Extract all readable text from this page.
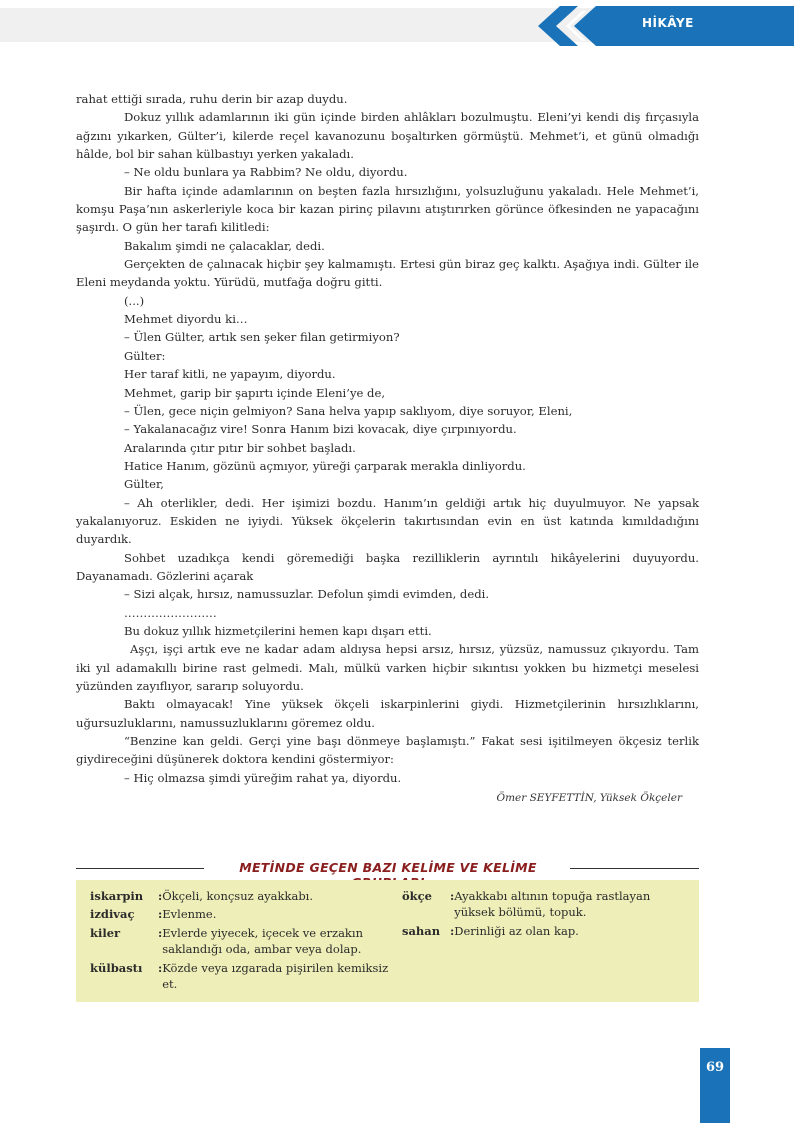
HİKÂYE

rahat ettiği sırada, ruhu derin bir azap duydu.

Dokuz yıllık adamlarının iki gün içinde birden ahlâkları bozulmuştu. Eleni’yi kendi diş fırçasıyla ağzını yıkarken, Gülter’i, kilerde reçel kavanozunu boşaltırken görmüştü. Mehmet’i, et günü olmadığı hâlde, bol bir sahan külbastıyı yerken yakaladı.

– Ne oldu bunlara ya Rabbim? Ne oldu, diyordu.

Bir hafta içinde adamlarının on beşten fazla hırsızlığını, yolsuzluğunu yakaladı. Hele Mehmet’i, komşu Paşa’nın askerleriyle koca bir kazan pirinç pilavını atıştırırken görünce öfkesinden ne yapacağını şaşırdı. O gün her tarafı kilitledi:

Bakalım şimdi ne çalacaklar, dedi.

Gerçekten de çalınacak hiçbir şey kalmamıştı. Ertesi gün biraz geç kalktı. Aşağıya indi. Gülter ile Eleni meydanda yoktu. Yürüdü, mutfağa doğru gitti.

(...)

Mehmet diyordu ki…

– Ülen Gülter, artık sen şeker filan getirmiyon?

Gülter:

Her taraf kitli, ne yapayım, diyordu.

Mehmet, garip bir şapırtı içinde Eleni’ye de,

– Ülen, gece niçin gelmiyon? Sana helva yapıp saklıyom, diye soruyor, Eleni,

– Yakalanacağız vire! Sonra Hanım bizi kovacak, diye çırpınıyordu.

Aralarında çıtır pıtır bir sohbet başladı.

Hatice Hanım, gözünü açmıyor, yüreği çarparak merakla dinliyordu.

Gülter,

– Ah oterlikler, dedi. Her işimizi bozdu. Hanım’ın geldiği artık hiç duyulmuyor. Ne yapsak yakalanıyoruz. Eskiden ne iyiydi. Yüksek ökçelerin takırtısından evin en üst katında kımıldadığını duyardık.

Sohbet uzadıkça kendi göremediği başka rezilliklerin ayrıntılı hikâyelerini duyuyordu. Dayanamadı. Gözlerini açarak

– Sizi alçak, hırsız, namussuzlar. Defolun şimdi evimden, dedi.

……………………

Bu dokuz yıllık hizmetçilerini hemen kapı dışarı etti.

Aşçı, işçi artık eve ne kadar adam aldıysa hepsi arsız, hırsız, yüzsüz, namussuz çıkıyordu. Tam iki yıl adamakıllı birine rast gelmedi. Malı, mülkü varken hiçbir sıkıntısı yokken bu hizmetçi meselesi yüzünden zayıflıyor, sararıp soluyordu.

Baktı olmayacak! Yine yüksek ökçeli iskarpinlerini giydi. Hizmetçilerinin hırsızlıklarını, uğursuzluklarını, namussuzluklarını göremez oldu.

“Benzine kan geldi. Gerçi yine başı dönmeye başlamıştı.” Fakat sesi işitilmeyen ökçesiz terlik giydireceğini düşünerek doktora kendini göstermiyor:

– Hiç olmazsa şimdi yüreğim rahat ya, diyordu.

Ömer SEYFETTİN, Yüksek Ökçeler
METİNDE GEÇEN BAZI KELİME VE KELİME
iskarpin	: Ökçeli, konçsuz ayakkabı.
izdivaç	: Evlenme.
kiler	: Evlerde yiyecek, içecek ve erzakın saklandığı oda, ambar veya dolap.
külbastı	: Közde veya ızgarada pişirilen kemiksiz et.
ökçe	: Ayakkabı altının topuğa rastlayan yüksek bölümü, topuk.
sahan : Derinliği az olan kap.
69
